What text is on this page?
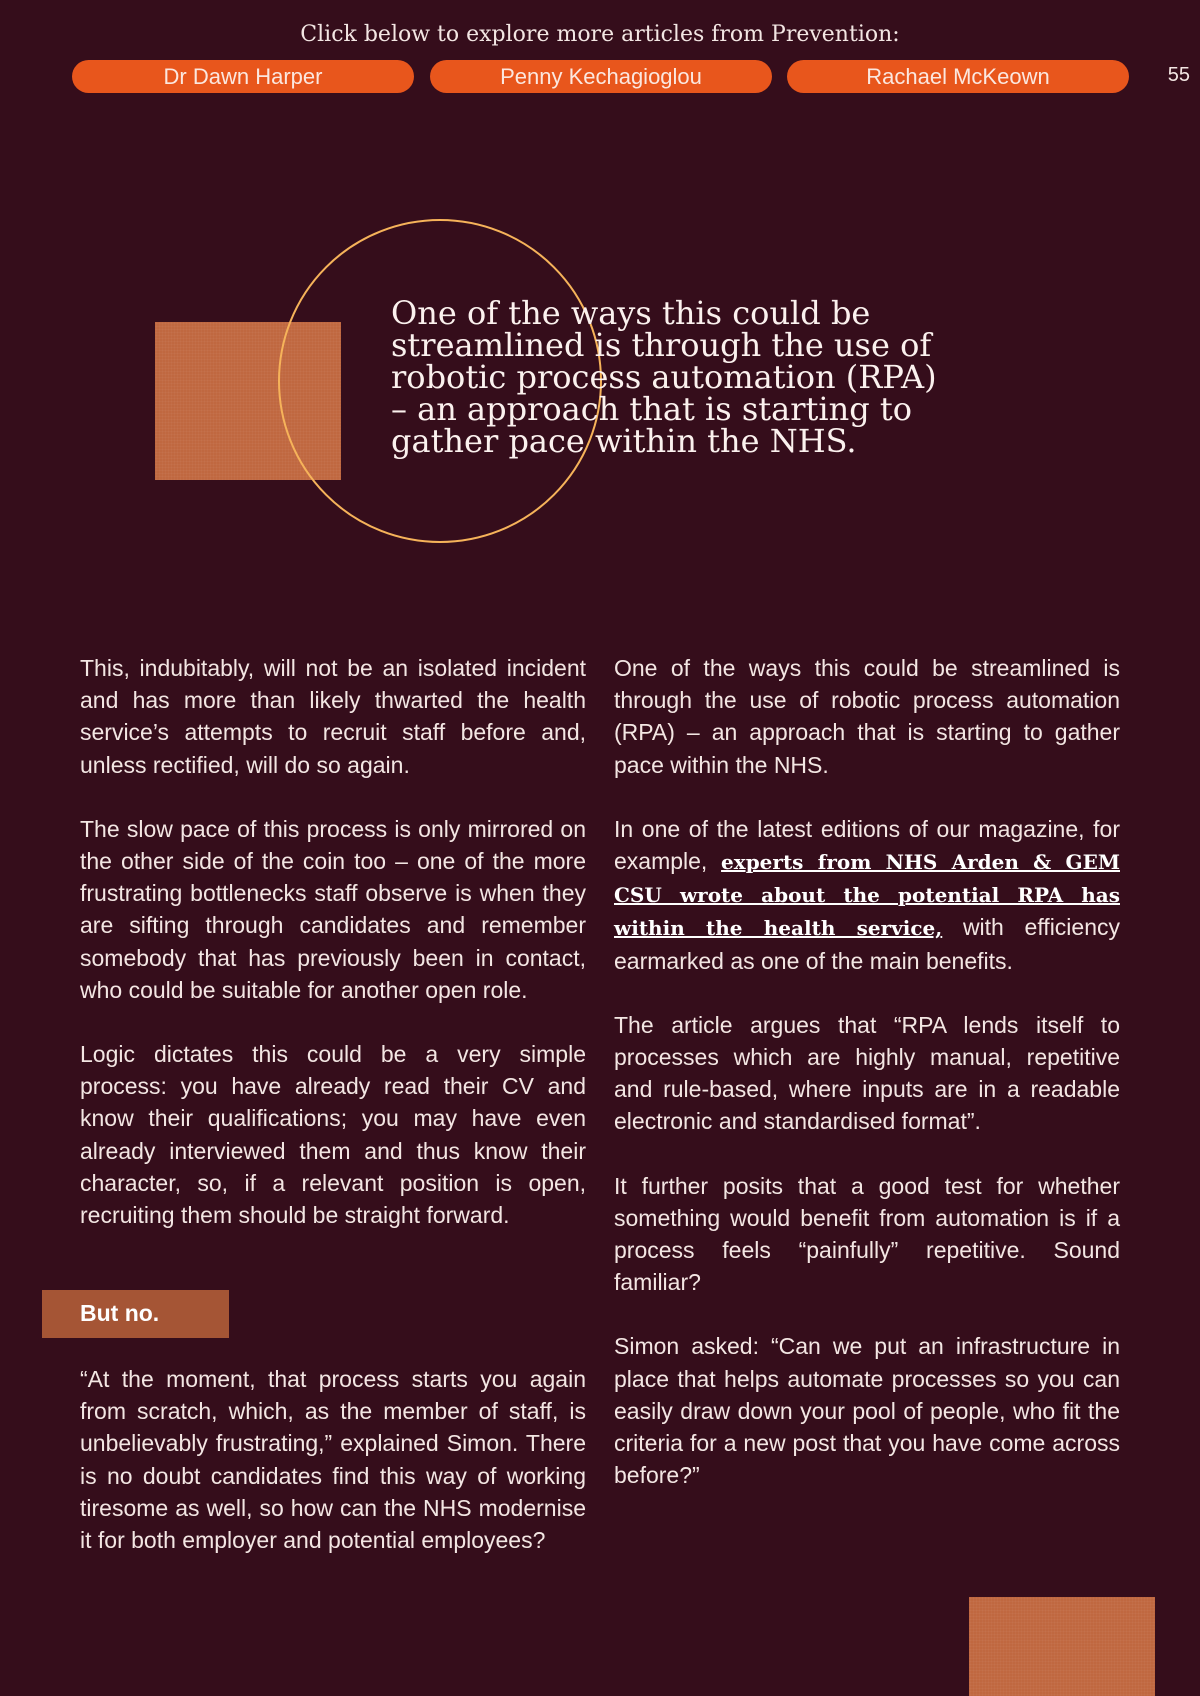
Click below to explore more articles from Prevention:
Dr Dawn Harper	Penny Kechagioglou	Rachael McKeown	55
One of the ways this could be streamlined is through the use of robotic process automation (RPA) – an approach that is starting to gather pace within the NHS.

This, indubitably, will not be an isolated incident and has more than likely thwarted the health service’s attempts to recruit staff before and, unless rectified, will do so again.

The slow pace of this process is only mirrored on the other side of the coin too – one of the more frustrating bottlenecks staff observe is when they are sifting through candidates and remember somebody that has previously been in contact, who could be suitable for another open role.

Logic dictates this could be a very simple process: you have already read their CV and know their qualifications; you may have even already interviewed them and thus know their character, so, if a relevant position is open, recruiting them should be straight forward.

But no.

“At the moment, that process starts you again from scratch, which, as the member of staff, is unbelievably frustrating,” explained Simon. There is no doubt candidates find this way of working tiresome as well, so how can the NHS modernise it for both employer and potential employees?

One of the ways this could be streamlined is through the use of robotic process automation (RPA) – an approach that is starting to gather pace within the NHS.

In one of the latest editions of our magazine, for example, experts from NHS Arden & GEM CSU wrote about the potential RPA has within the health service, with efficiency earmarked as one of the main benefits.

The article argues that “RPA lends itself to processes which are highly manual, repetitive and rule-based, where inputs are in a readable electronic and standardised format”.

It further posits that a good test for whether something would benefit from automation is if a process feels “painfully” repetitive. Sound familiar?

Simon asked: “Can we put an infrastructure in place that helps automate processes so you can easily draw down your pool of people, who fit the criteria for a new post that you have come across before?”
